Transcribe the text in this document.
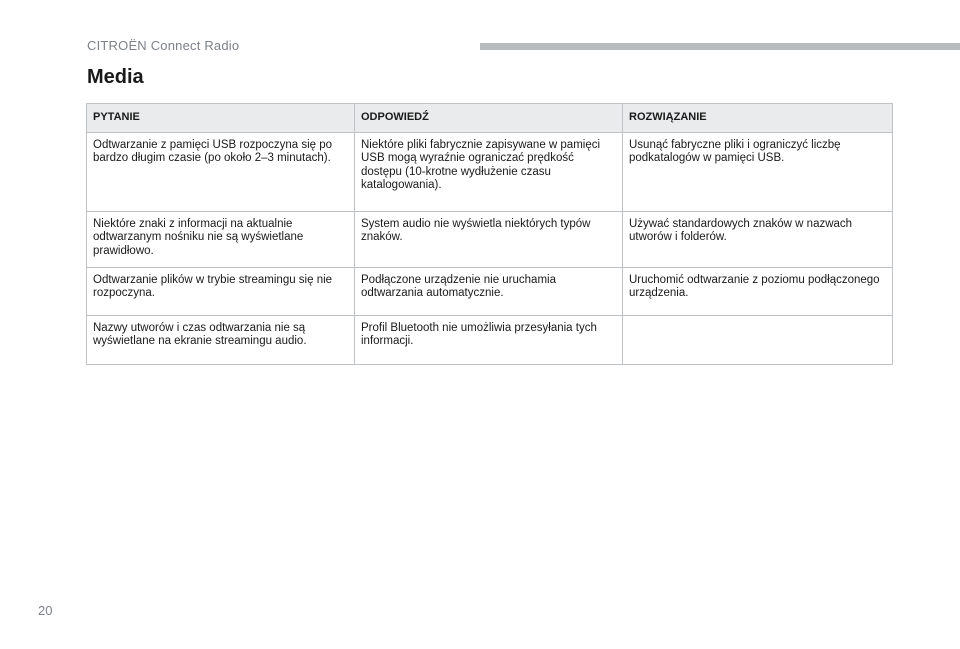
CITROËN Connect Radio
Media
PYTANIE	ODPOWIEDŹ	ROZWIĄZANIE
Odtwarzanie z pamięci USB rozpoczyna się po bardzo długim czasie (po około 2–3 minutach).	Niektóre pliki fabrycznie zapisywane w pamięci USB mogą wyraźnie ograniczać prędkość dostępu (10-krotne wydłużenie czasu katalogowania).	Usunąć fabryczne pliki i ograniczyć liczbę podkatalogów w pamięci USB.
Niektóre znaki z informacji na aktualnie odtwarzanym nośniku nie są wyświetlane prawidłowo.	System audio nie wyświetla niektórych typów znaków.	Używać standardowych znaków w nazwach utworów i folderów.
Odtwarzanie plików w trybie streamingu się nie rozpoczyna.	Podłączone urządzenie nie uruchamia odtwarzania automatycznie.	Uruchomić odtwarzanie z poziomu podłączonego urządzenia.
Nazwy utworów i czas odtwarzania nie są wyświetlane na ekranie streamingu audio.	Profil Bluetooth nie umożliwia przesyłania tych informacji.	
20
